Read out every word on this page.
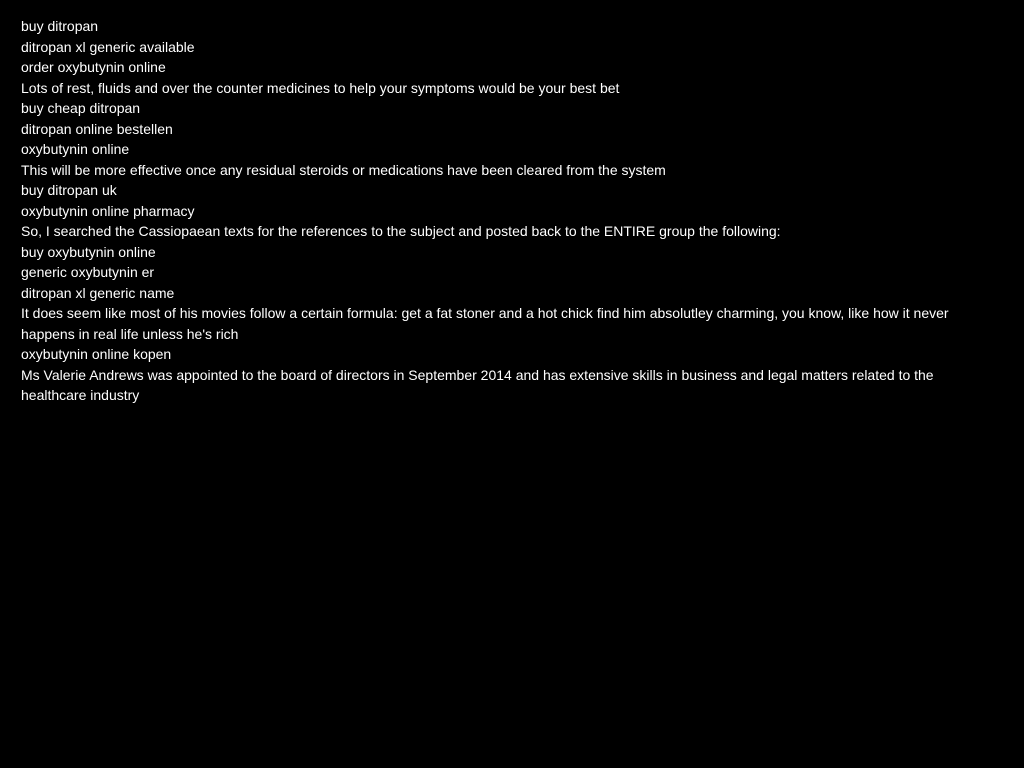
buy ditropan
ditropan xl generic available
order oxybutynin online
Lots of rest, fluids and over the counter medicines to help your symptoms would be your best bet
buy cheap ditropan
ditropan online bestellen
oxybutynin online
This will be more effective once any residual steroids or medications have been cleared from the system
buy ditropan uk
oxybutynin online pharmacy
So, I searched the Cassiopaean texts for the references to the subject and posted back to the ENTIRE group the following:
buy oxybutynin online
generic oxybutynin er
ditropan xl generic name
It does seem like most of his movies follow a certain formula: get a fat stoner and a hot chick find him absolutley charming, you know, like how it never happens in real life unless he's rich
oxybutynin online kopen
Ms Valerie Andrews was appointed to the board of directors in September 2014 and has extensive skills in business and legal matters related to the healthcare industry
